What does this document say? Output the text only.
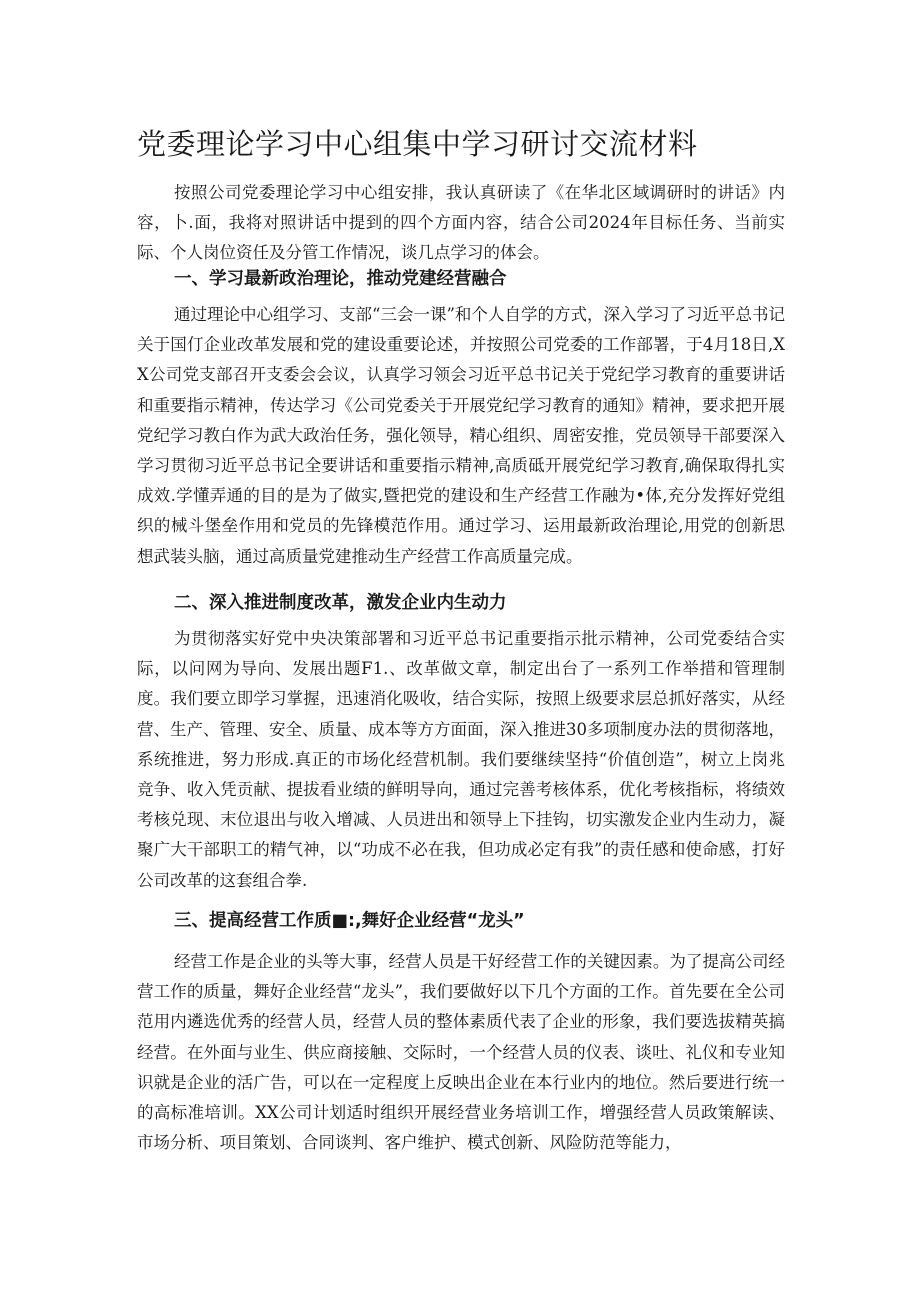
党委理论学习中心组集中学习研讨交流材料

按照公司党委理论学习中心组安排，我认真研读了《在华北区域调研时的讲话》内容，卜.面，我将对照讲话中提到的四个方面内容，结合公司2024年目标任务、当前实际、个人岗位资任及分管工作情况，谈几点学习的体会。

一、学习最新政治理论，推动党建经营融合

通过理论中心组学习、支部“三会一课”和个人自学的方式，深入学习了习近平总书记关于国仃企业改革发展和党的建设重要论述，并按照公司党委的工作部署，于4月18日,XX公司党支部召开支委会会议，认真学习领会习近平总书记关于党纪学习教育的重要讲话和重要指示精神，传达学习《公司党委关于开展党纪学习教育的通知》精神，要求把开展党纪学习教白作为武大政治任务，强化领导，精心组织、周密安推，党员领导干部要深入学习贯彻习近平总书记全要讲话和重要指示精神,高质砥开展党纪学习教育,确保取得扎实成效.学懂弄通的目的是为了做实,暨把党的建设和生产经营工作融为•体,充分发挥好党组织的械斗堡垒作用和党员的先锋模范作用。通过学习、运用最新政治理论,用党的创新思想武装头脑，通过高质量党建推动生产经营工作高质量完成。

二、深入推进制度改革，激发企业内生动力

为贯彻落实好党中央决策部署和习近平总书记重要指示批示精神，公司党委结合实际，以问网为导向、发展出题F1.、改革做文章，制定出台了一系列工作举措和管理制度。我们要立即学习掌握，迅速消化吸收，结合实际，按照上级要求层总抓好落实，从经营、生产、管理、安全、质量、成本等方方面面，深入推进30多项制度办法的贯彻落地，系统推进，努力形成.真正的市场化经营机制。我们要继续坚持“价值创造”，树立上岗兆竞争、收入凭贡献、提拔看业绩的鲜明导向，通过完善考核体系，优化考核指标，将绩效考核兑现、末位退出与收入增减、人员进出和领导上下挂钩，切实激发企业内生动力，凝聚广大干部职工的精气神，以“功成不必在我，但功成必定有我”的责任感和使命感，打好公司改革的这套组合拳.

三、提高经营工作质■:,舞好企业经营“龙头”

经营工作是企业的头等大事，经营人员是干好经营工作的关键因素。为了提高公司经营工作的质量，舞好企业经营“龙头”，我们要做好以下几个方面的工作。首先要在全公司范用内遴选优秀的经营人员，经营人员的整体素质代表了企业的形象，我们要选拔精英搞经营。在外面与业生、供应商接触、交际时，一个经营人员的仪表、谈吐、礼仪和专业知识就是企业的活广告，可以在一定程度上反映出企业在本行业内的地位。然后要进行统一的高标准培训。XX公司计划适时组织开展经营业务培训工作，增强经营人员政策解读、市场分析、项目策划、合同谈判、客户维护、模式创新、风险防范等能力，
